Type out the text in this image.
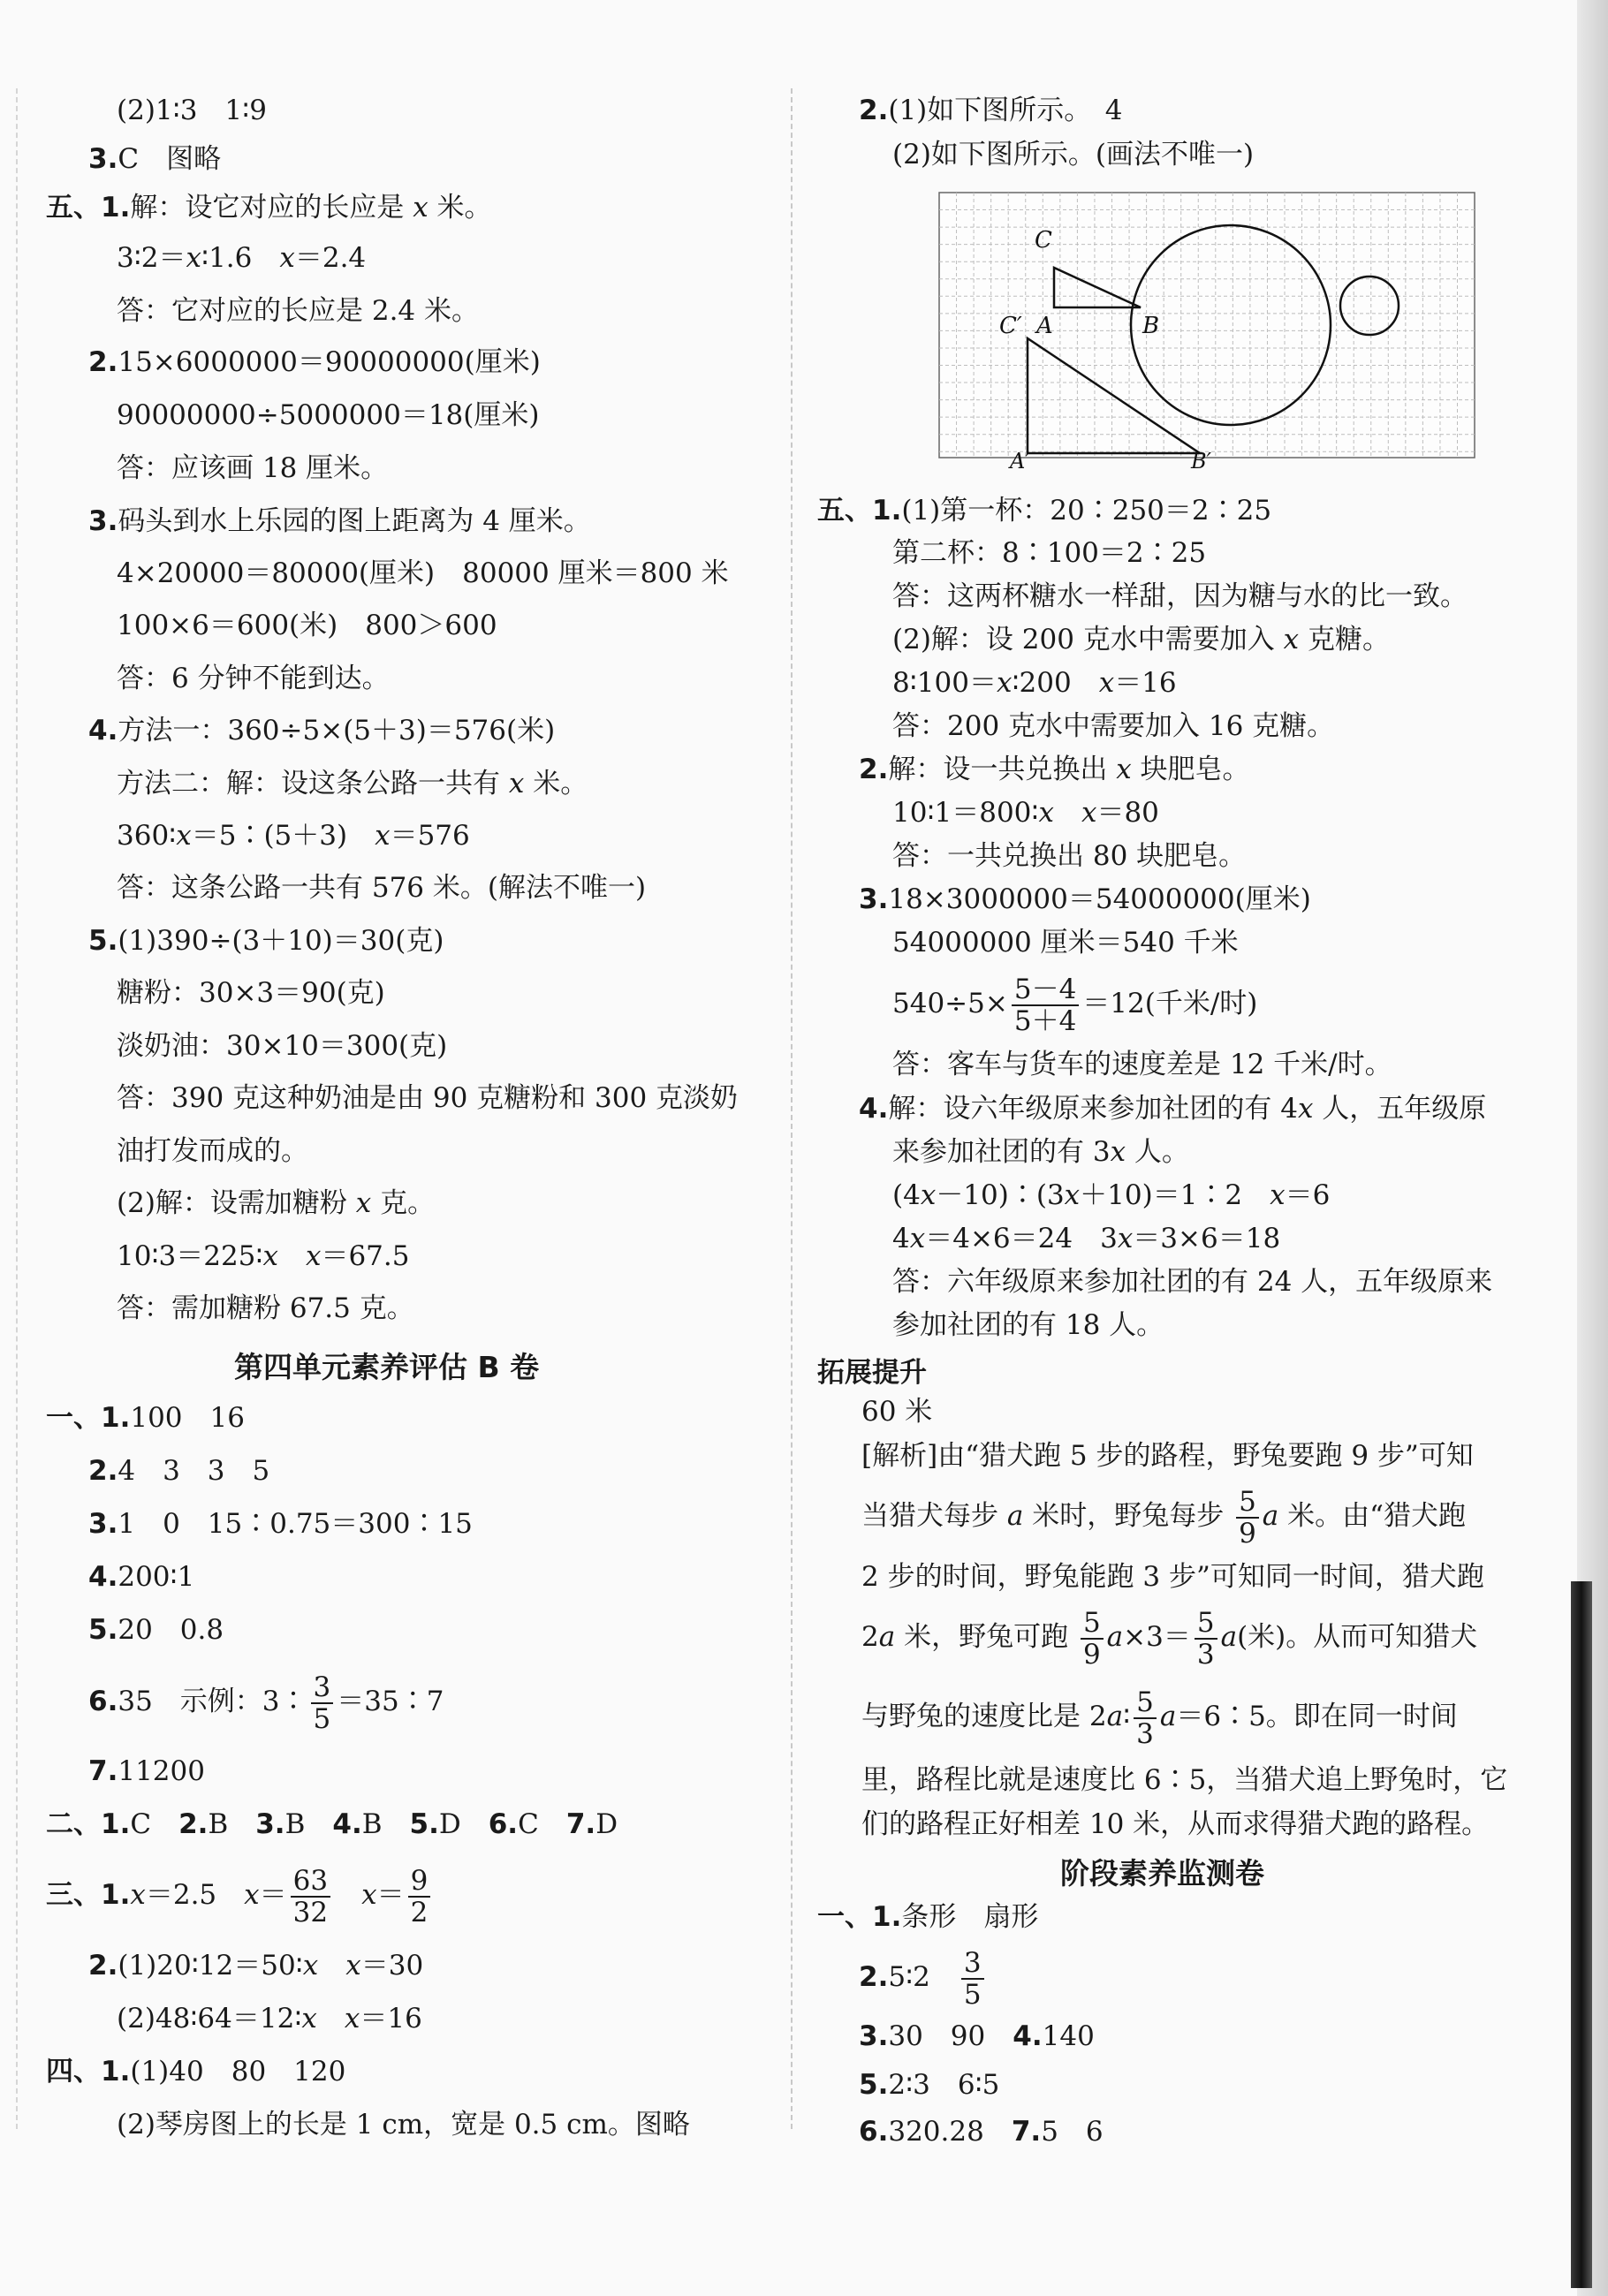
(2)1∶3　1∶9
3.C　图略
五、1.解：设它对应的长应是 x 米。
3∶2＝x∶1.6　x＝2.4
答：它对应的长应是 2.4 米。
2.15×6000000＝90000000(厘米)
90000000÷5000000＝18(厘米)
答：应该画 18 厘米。
3.码头到水上乐园的图上距离为 4 厘米。
4×20000＝80000(厘米)　80000 厘米＝800 米
100×6＝600(米)　800＞600
答：6 分钟不能到达。
4.方法一：360÷5×(5＋3)＝576(米)
方法二：解：设这条公路一共有 x 米。
360∶x＝5∶(5＋3)　x＝576
答：这条公路一共有 576 米。(解法不唯一)
5.(1)390÷(3＋10)＝30(克)
糖粉：30×3＝90(克)
淡奶油：30×10＝300(克)
答：390 克这种奶油是由 90 克糖粉和 300 克淡奶
油打发而成的。
(2)解：设需加糖粉 x 克。
10∶3＝225∶x　 x＝67.5
答：需加糖粉 67.5 克。
第四单元素养评估 B 卷
一、1.100　16
2.4　3　3　5
3.1　0　15∶0.75＝300∶15
4.200∶1
5.20　0.8
6.35　示例：3∶ $\frac{3}{5}$ ＝35∶7
7.11200
二、1.C　 2.B　 3.B　 4.B　 5.D　 6.C　 7.D
三、1.x＝2.5　$x= \frac{63}{32}$
　 $x= \frac{9}{2}$
2.(1)20∶12＝50∶x　 x＝30
(2)48∶64＝12∶x　 x＝16
四、1.(1)40　80　120
(2)琴房图上的长是 1 cm，宽是 0.5 cm。图略
2.(1)如下图所示。　4
(2)如下图所示。(画法不唯一)
C
A	B
C′
A′	B′
五、1.(1)第一杯：20∶250＝2∶25
第二杯：8∶100＝2∶25
答：这两杯糖水一样甜，因为糖与水的比一致。
(2)解：设 200 克水中需要加入 x 克糖。
8∶100＝x∶200　x＝16
答：200 克水中需要加入 16 克糖。
2.解：设一共兑换出 x 块肥皂。
10∶1＝800∶x　 x＝80
答：一共兑换出 80 块肥皂。
3.18×3000000＝54000000(厘米)
54000000 厘米＝540 千米
$540\div 5\times \frac{5-4}{5+4} =12$(千米/时)
答：客车与货车的速度差是 12 千米/时。
4.解：设六年级原来参加社团的有 4x 人，五年级原
来参加社团的有 3x 人。
(4x－10)∶(3x＋10)＝1∶2　x＝6
4x＝4×6＝24　3x＝3×6＝18
答：六年级原来参加社团的有 24 人，五年级原来
参加社团的有 18 人。
拓展提升
60 米
[解析]由“猎犬跑 5 步的路程，野兔要跑 9 步”可知
当猎犬每步 a 米时，野兔每步 $\frac{5}{9}$ a 米。由“猎犬跑
2 步的时间，野兔能跑 3 步”可知同一时间，猎犬跑
2a 米，野兔可跑 $\frac{5}{9} a\times 3= \frac{5}{3} a$(米)。从而可知猎犬
与野兔的速度比是 2a∶ $\frac{5}{3}$ a＝6∶5。即在同一时间
里，路程比就是速度比 6∶5，当猎犬追上野兔时，它
们的路程正好相差 10 米，从而求得猎犬跑的路程。
阶段素养监测卷
一、1.条形　扇形
2.5∶2　 $\frac{3}{5}$
3.30　90　4.140
5.2∶3　6∶5
6.320.28　7.5　6
